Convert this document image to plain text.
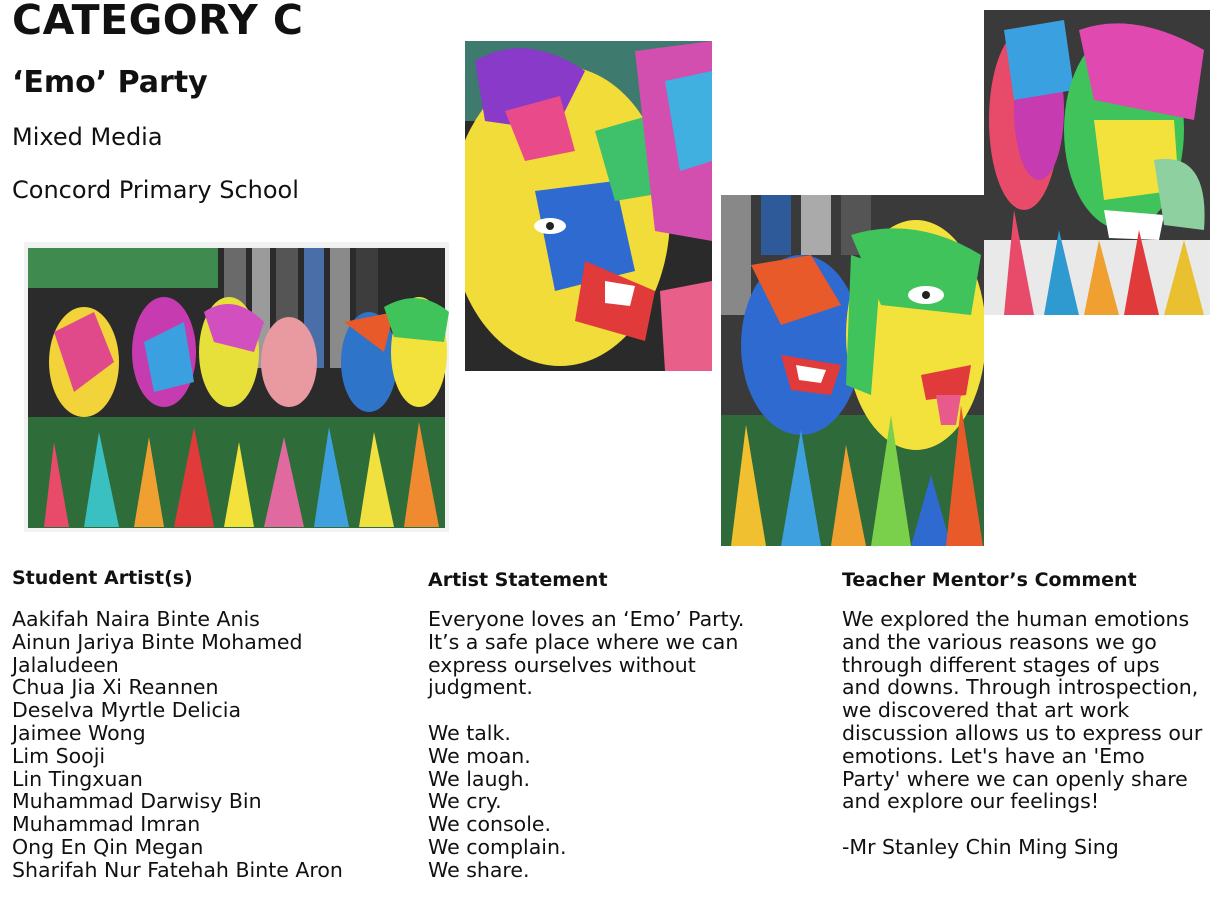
CATEGORY C
‘Emo’ Party
Mixed Media
Concord Primary School
Student Artist(s)
Aakifah Naira Binte Anis
Ainun Jariya Binte Mohamed
Jalaludeen
Chua Jia Xi Reannen
Deselva Myrtle Delicia
Jaimee Wong
Lim Sooji
Lin Tingxuan
Muhammad Darwisy Bin
Muhammad Imran
Ong En Qin Megan
Sharifah Nur Fatehah Binte Aron
Artist Statement
Everyone loves an ‘Emo’ Party.
It’s a safe place where we can
express ourselves without
judgment.
We talk.
We moan.
We laugh.
We cry.
We console.
We complain.
We share.
Teacher Mentor’s Comment
We explored the human emotions
and the various reasons we go
through different stages of ups
and downs. Through introspection,
we discovered that art work
discussion allows us to express our
emotions. Let's have an 'Emo
Party' where we can openly share
and explore our feelings!
-Mr Stanley Chin Ming Sing
